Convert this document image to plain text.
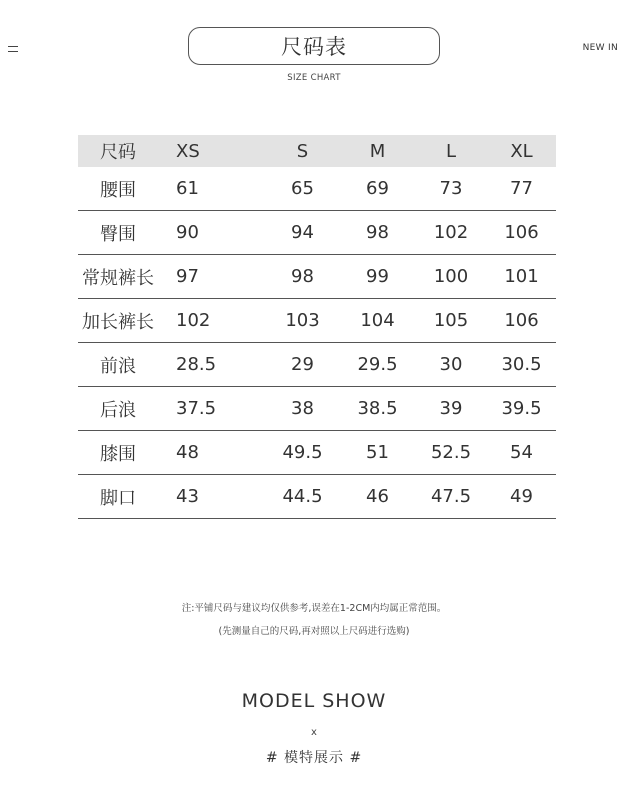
NEW IN
尺码表
SIZE CHART
尺码	XS	S	M	L	XL
腰围	61	65	69	73	77
臀围	90	94	98	102	106
常规裤长	97	98	99	100	101
加长裤长	102	103	104	105	106
前浪	28.5	29	29.5	30	30.5
后浪	37.5	38	38.5	39	39.5
膝围	48	49.5	51	52.5	54
脚口	43	44.5	46	47.5	49
注:平铺尺码与建议均仅供参考,误差在1-2CM内均属正常范围。
(先测量自己的尺码,再对照以上尺码进行选购)
MODEL SHOW
x
# 模特展示 #
